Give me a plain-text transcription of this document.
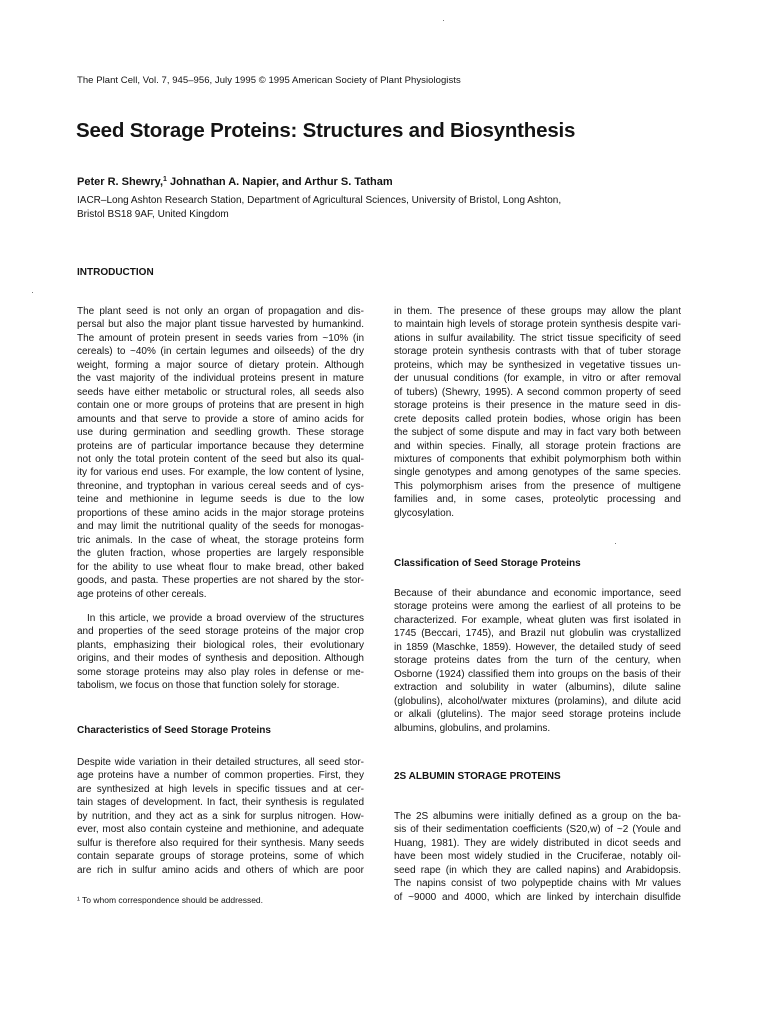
The Plant Cell, Vol. 7, 945–956, July 1995 © 1995 American Society of Plant Physiologists
Seed Storage Proteins: Structures and Biosynthesis
Peter R. Shewry,$^1$ Johnathan A. Napier, and Arthur S. Tatham
IACR–Long Ashton Research Station, Department of Agricultural Sciences, University of Bristol, Long Ashton,
Bristol BS18 9AF, United Kingdom
INTRODUCTION
The plant seed is not only an organ of propagation and dis-
persal but also the major plant tissue harvested by humankind.
The amount of protein present in seeds varies from ~10% (in
cereals) to ~40% (in certain legumes and oilseeds) of the dry
weight, forming a major source of dietary protein. Although
the vast majority of the individual proteins present in mature
seeds have either metabolic or structural roles, all seeds also
contain one or more groups of proteins that are present in high
amounts and that serve to provide a store of amino acids for
use during germination and seedling growth. These storage
proteins are of particular importance because they determine
not only the total protein content of the seed but also its qual-
ity for various end uses. For example, the low content of lysine,
threonine, and tryptophan in various cereal seeds and of cys-
teine and methionine in legume seeds is due to the low
proportions of these amino acids in the major storage proteins
and may limit the nutritional quality of the seeds for monogas-
tric animals. In the case of wheat, the storage proteins form
the gluten fraction, whose properties are largely responsible
for the ability to use wheat flour to make bread, other baked
goods, and pasta. These properties are not shared by the stor-
age proteins of other cereals.
In this article, we provide a broad overview of the structures
and properties of the seed storage proteins of the major crop
plants, emphasizing their biological roles, their evolutionary
origins, and their modes of synthesis and deposition. Although
some storage proteins may also play roles in defense or me-
tabolism, we focus on those that function solely for storage.
Characteristics of Seed Storage Proteins
Despite wide variation in their detailed structures, all seed stor-
age proteins have a number of common properties. First, they
are synthesized at high levels in specific tissues and at cer-
tain stages of development. In fact, their synthesis is regulated
by nutrition, and they act as a sink for surplus nitrogen. How-
ever, most also contain cysteine and methionine, and adequate
sulfur is therefore also required for their synthesis. Many seeds
contain separate groups of storage proteins, some of which
are rich in sulfur amino acids and others of which are poor
¹ To whom correspondence should be addressed.
in them. The presence of these groups may allow the plant
to maintain high levels of storage protein synthesis despite vari-
ations in sulfur availability. The strict tissue specificity of seed
storage protein synthesis contrasts with that of tuber storage
proteins, which may be synthesized in vegetative tissues un-
der unusual conditions (for example, in vitro or after removal
of tubers) (Shewry, 1995). A second common property of seed
storage proteins is their presence in the mature seed in dis-
crete deposits called protein bodies, whose origin has been
the subject of some dispute and may in fact vary both between
and within species. Finally, all storage protein fractions are
mixtures of components that exhibit polymorphism both within
single genotypes and among genotypes of the same species.
This polymorphism arises from the presence of multigene
families and, in some cases, proteolytic processing and
glycosylation.
Classification of Seed Storage Proteins
Because of their abundance and economic importance, seed
storage proteins were among the earliest of all proteins to be
characterized. For example, wheat gluten was first isolated in
1745 (Beccari, 1745), and Brazil nut globulin was crystallized
in 1859 (Maschke, 1859). However, the detailed study of seed
storage proteins dates from the turn of the century, when
Osborne (1924) classified them into groups on the basis of their
extraction and solubility in water (albumins), dilute saline
(globulins), alcohol/water mixtures (prolamins), and dilute acid
or alkali (glutelins). The major seed storage proteins include
albumins, globulins, and prolamins.
2S ALBUMIN STORAGE PROTEINS
The 2S albumins were initially defined as a group on the ba-
sis of their sedimentation coefficients (S20,w) of ~2 (Youle and
Huang, 1981). They are widely distributed in dicot seeds and
have been most widely studied in the Cruciferae, notably oil-
seed rape (in which they are called napins) and Arabidopsis.
The napins consist of two polypeptide chains with Mr values
of ~9000 and 4000, which are linked by interchain disulfide
